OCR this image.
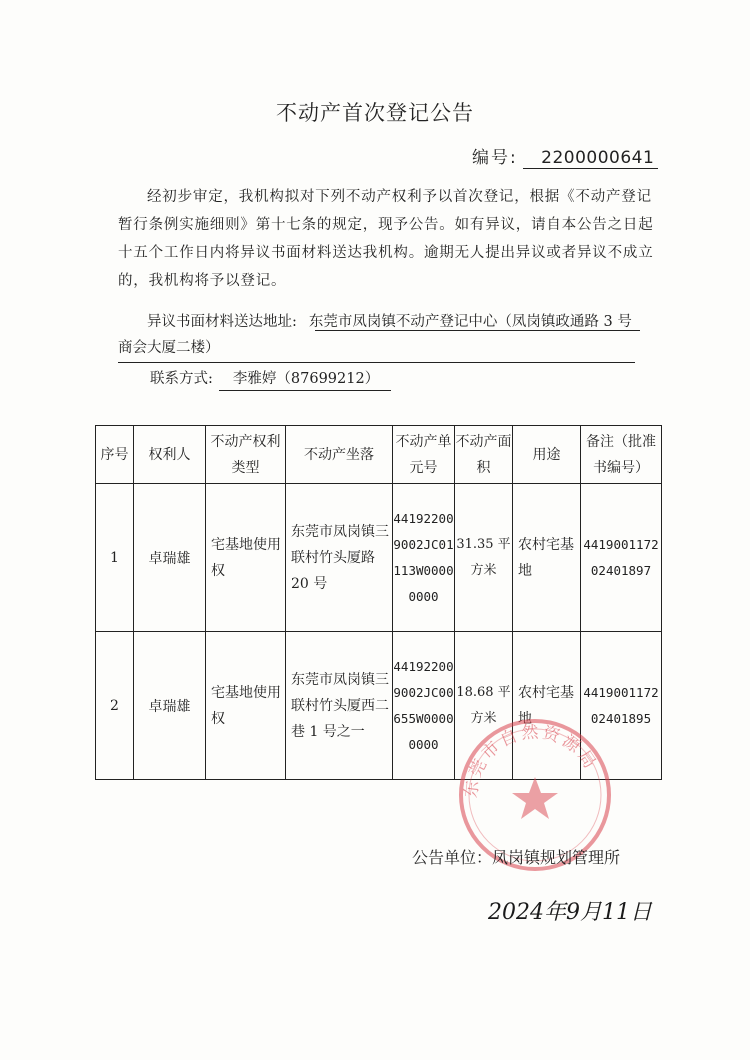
不动产首次登记公告
编号: 2200000641
经初步审定，我机构拟对下列不动产权利予以首次登记，根据《不动产登记暂行条例实施细则》第十七条的规定，现予公告。如有异议，请自本公告之日起十五个工作日内将异议书面材料送达我机构。逾期无人提出异议或者异议不成立的，我机构将予以登记。
异议书面材料送达地址: 东莞市凤岗镇不动产登记中心（凤岗镇政通路 3 号商会大厦二楼）
联系方式: 李雅婷（87699212）
序号	权利人	不动产权利类型	不动产坐落	不动产单元号	不动产面积	用途	备注（批准书编号）
1	卓瑞雄	宅基地使用权	东莞市凤岗镇三联村竹头厦路 20 号	441922009002JC01113W00000000	31.35 平方米	农村宅基地	441900117202401897
2	卓瑞雄	宅基地使用权	东莞市凤岗镇三联村竹头厦西二巷 1 号之一	441922009002JC00655W00000000	18.68 平方米	农村宅基地	441900117202401895
东莞市自然资源局
公告单位：凤岗镇规划管理所
2024年9月11日
